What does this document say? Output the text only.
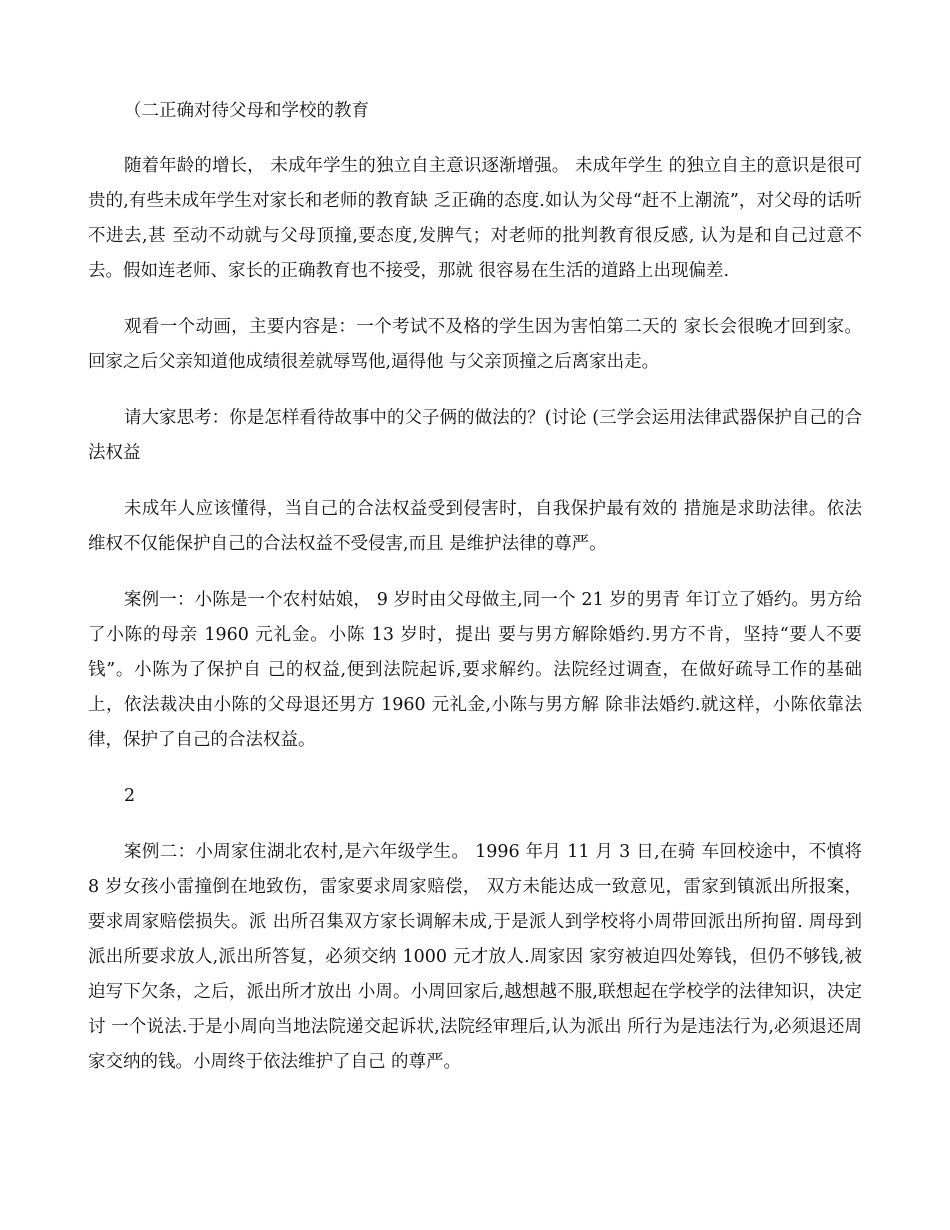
（二正确对待父母和学校的教育

随着年龄的增长， 未成年学生的独立自主意识逐渐增强。 未成年学生 的独立自主的意识是很可贵的,有些未成年学生对家长和老师的教育缺 乏正确的态度.如认为父母“赶不上潮流”，对父母的话听不进去,甚 至动不动就与父母顶撞,要态度,发脾气；对老师的批判教育很反感, 认为是和自己过意不去。假如连老师、家长的正确教育也不接受，那就 很容易在生活的道路上出现偏差.

观看一个动画，主要内容是：一个考试不及格的学生因为害怕第二天的 家长会很晚才回到家。回家之后父亲知道他成绩很差就辱骂他,逼得他 与父亲顶撞之后离家出走。

请大家思考：你是怎样看待故事中的父子俩的做法的？(讨论 (三学会运用法律武器保护自己的合法权益

未成年人应该懂得，当自己的合法权益受到侵害时，自我保护最有效的 措施是求助法律。依法维权不仅能保护自己的合法权益不受侵害,而且 是维护法律的尊严。

案例一：小陈是一个农村姑娘， 9 岁时由父母做主,同一个 21 岁的男青 年订立了婚约。男方给了小陈的母亲 1960 元礼金。小陈 13 岁时，提出 要与男方解除婚约.男方不肯，坚持“要人不要钱”。小陈为了保护自 己的权益,便到法院起诉,要求解约。法院经过调查，在做好疏导工作的基础上，依法裁决由小陈的父母退还男方 1960 元礼金,小陈与男方解 除非法婚约.就这样，小陈依靠法律，保护了自己的合法权益。

2

案例二：小周家住湖北农村,是六年级学生。 1996 年月 11 月 3 日,在骑 车回校途中，不慎将 8 岁女孩小雷撞倒在地致伤，雷家要求周家赔偿， 双方未能达成一致意见，雷家到镇派出所报案，要求周家赔偿损失。派 出所召集双方家长调解未成,于是派人到学校将小周带回派出所拘留. 周母到派出所要求放人,派出所答复，必须交纳 1000 元才放人.周家因 家穷被迫四处筹钱，但仍不够钱,被迫写下欠条，之后，派出所才放出 小周。小周回家后,越想越不服,联想起在学校学的法律知识，决定讨 一个说法.于是小周向当地法院递交起诉状,法院经审理后,认为派出 所行为是违法行为,必须退还周家交纳的钱。小周终于依法维护了自己 的尊严。
